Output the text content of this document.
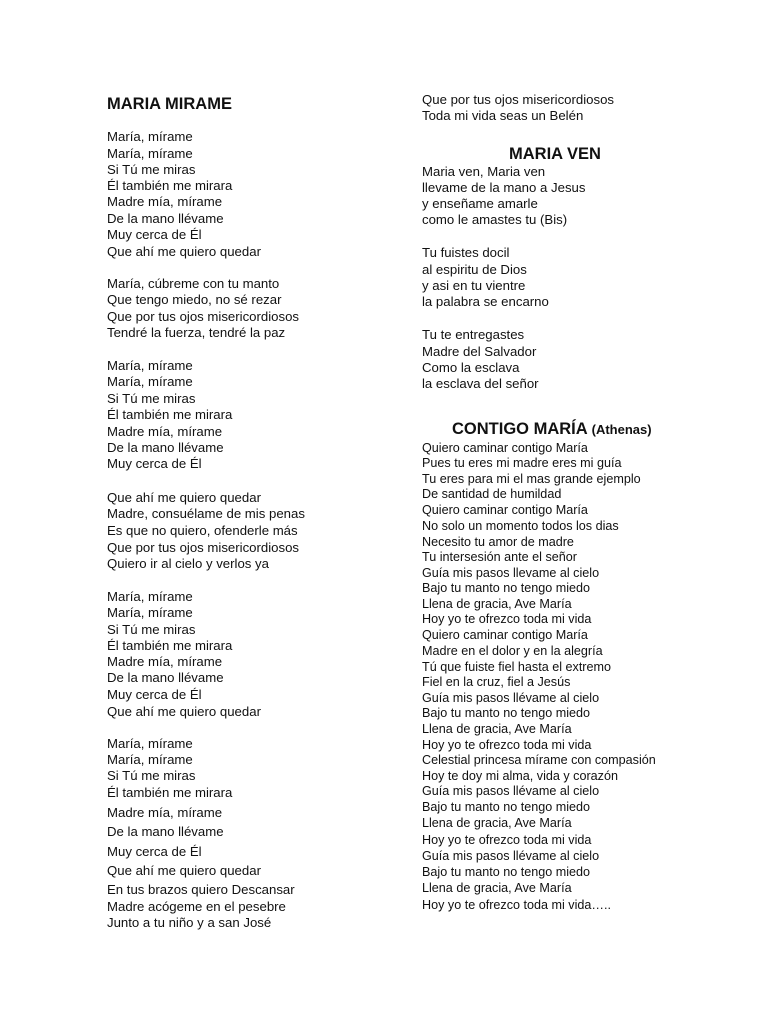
MARIA MIRAME
María, mírame
María, mírame
Si Tú me miras
Él también me mirara
Madre mía, mírame
De la mano llévame
Muy cerca de Él
Que ahí me quiero quedar
María, cúbreme con tu manto
Que tengo miedo, no sé rezar
Que por tus ojos misericordiosos
Tendré la fuerza, tendré la paz
María, mírame
María, mírame
Si Tú me miras
Él también me mirara
Madre mía, mírame
De la mano llévame
Muy cerca de Él
Que ahí me quiero quedar
Madre, consuélame de mis penas
Es que no quiero, ofenderle más
Que por tus ojos misericordiosos
Quiero ir al cielo y verlos ya
María, mírame
María, mírame
Si Tú me miras
Él también me mirara
Madre mía, mírame
De la mano llévame
Muy cerca de Él
Que ahí me quiero quedar
María, mírame
María, mírame
Si Tú me miras
Él también me mirara
Madre mía, mírame
De la mano llévame
Muy cerca de Él
Que ahí me quiero quedar
En tus brazos quiero Descansar
Madre acógeme en el pesebre
Junto a tu niño y a san José
Que por tus ojos misericordiosos
Toda mi vida seas un Belén
MARIA VEN
Maria ven, Maria ven
llevame de la mano a Jesus
y enseñame amarle
como le amastes tu (Bis)
Tu fuistes docil
al espiritu de Dios
y asi en tu vientre
la palabra se encarno
Tu te entregastes
Madre del Salvador
Como la esclava
la esclava del señor
CONTIGO MARÍA (Athenas)
Quiero caminar contigo María
Pues tu eres mi madre eres mi guía
Tu eres para mi el mas grande ejemplo
De santidad de humildad
Quiero caminar contigo María
No solo un momento todos los dias
Necesito tu amor de madre
Tu intersesión ante el señor
Guía mis pasos llevame al cielo
Bajo tu manto no tengo miedo
Llena de gracia, Ave María
Hoy yo te ofrezco toda mi vida
Quiero caminar contigo María
Madre en el dolor y en la alegría
Tú que fuiste fiel hasta el extremo
Fiel en la cruz, fiel a Jesús
Guía mis pasos llévame al cielo
Bajo tu manto no tengo miedo
Llena de gracia, Ave María
Hoy yo te ofrezco toda mi vida
Celestial princesa mírame con compasión
Hoy te doy mi alma, vida y corazón
Guía mis pasos llévame al cielo
Bajo tu manto no tengo miedo
Llena de gracia, Ave María
Hoy yo te ofrezco toda mi vida
Guía mis pasos llévame al cielo
Bajo tu manto no tengo miedo
Llena de gracia, Ave María
Hoy yo te ofrezco toda mi vida…..
